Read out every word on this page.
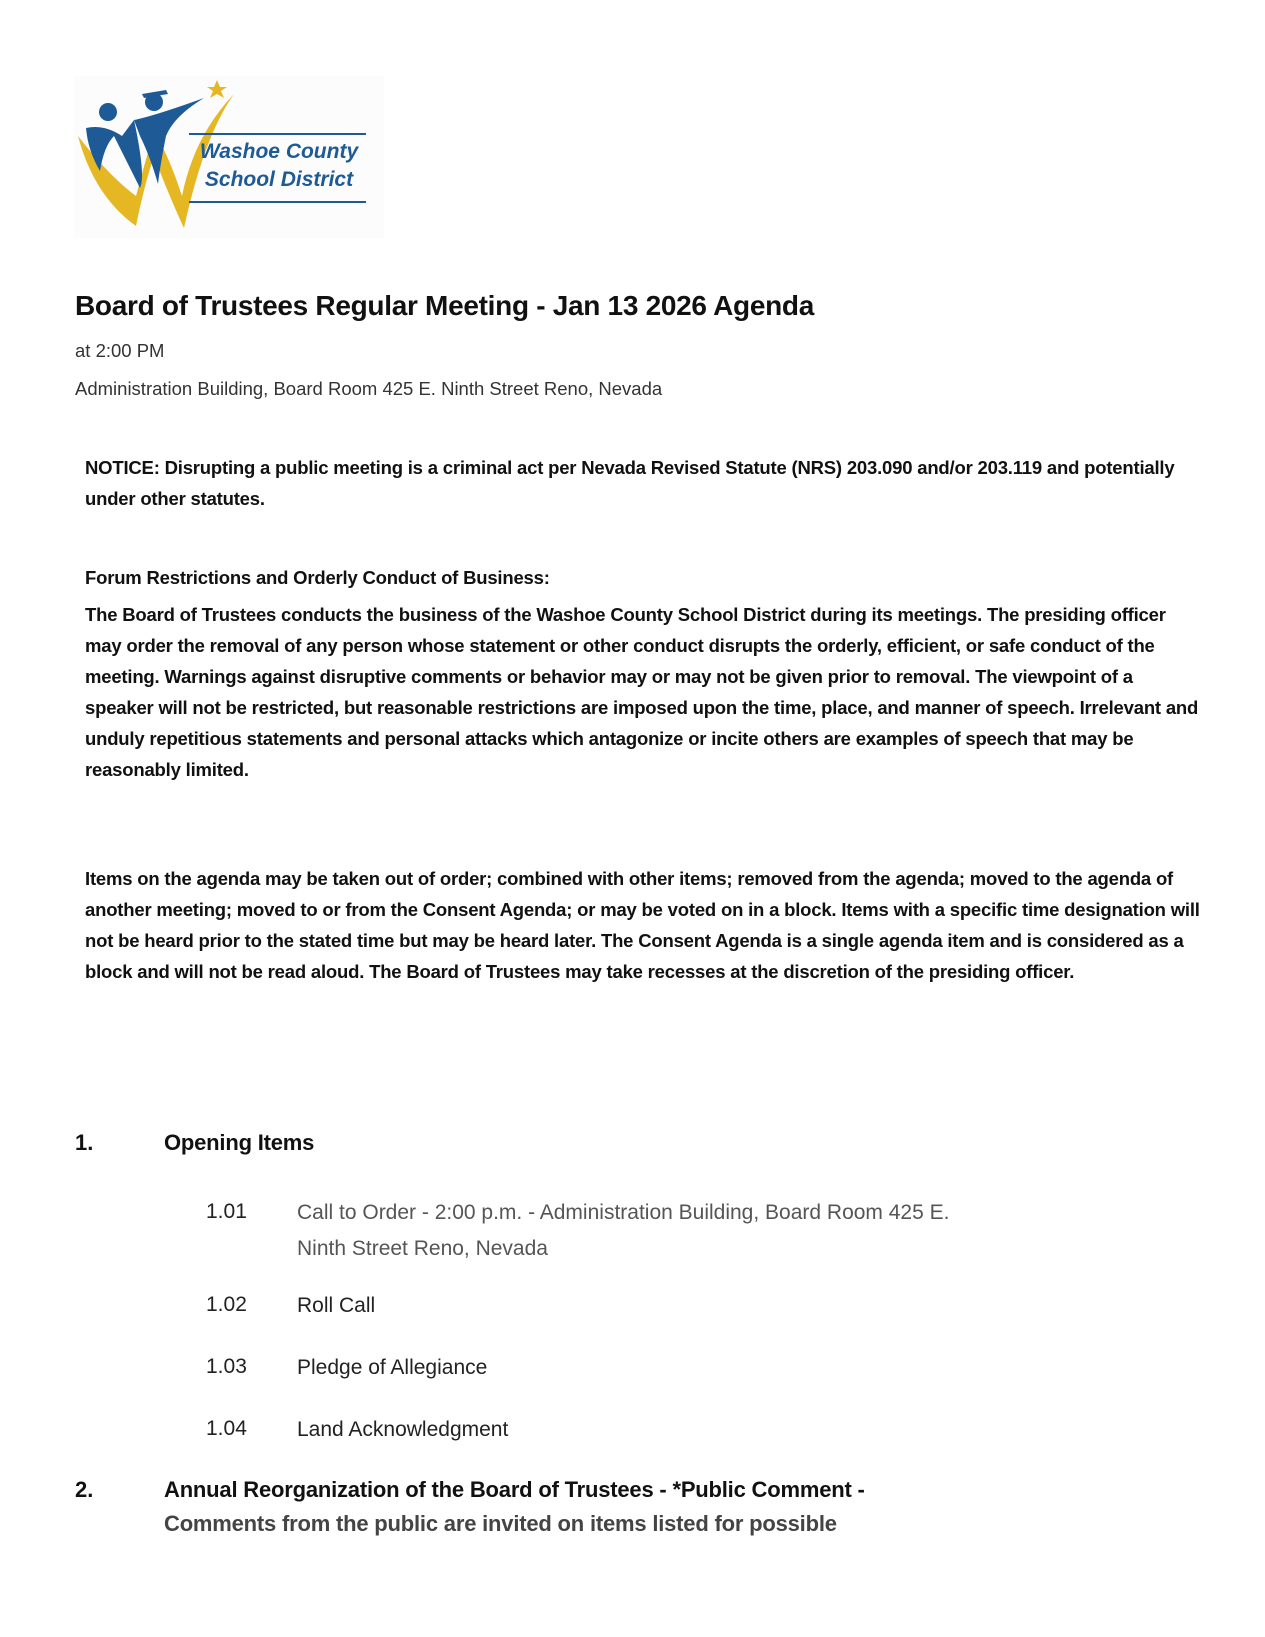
Washoe County
School District
Board of Trustees Regular Meeting - Jan 13 2026 Agenda
at 2:00 PM
Administration Building, Board Room 425 E. Ninth Street Reno, Nevada
NOTICE: Disrupting a public meeting is a criminal act per Nevada Revised Statute (NRS) 203.090 and/or 203.119 and potentially under other statutes.
Forum Restrictions and Orderly Conduct of Business:
The Board of Trustees conducts the business of the Washoe County School District during its meetings. The presiding officer may order the removal of any person whose statement or other conduct disrupts the orderly, efficient, or safe conduct of the meeting. Warnings against disruptive comments or behavior may or may not be given prior to removal. The viewpoint of a speaker will not be restricted, but reasonable restrictions are imposed upon the time, place, and manner of speech. Irrelevant and unduly repetitious statements and personal attacks which antagonize or incite others are examples of speech that may be reasonably limited.
Items on the agenda may be taken out of order; combined with other items; removed from the agenda; moved to the agenda of another meeting; moved to or from the Consent Agenda; or may be voted on in a block. Items with a specific time designation will not be heard prior to the stated time but may be heard later. The Consent Agenda is a single agenda item and is considered as a block and will not be read aloud. The Board of Trustees may take recesses at the discretion of the presiding officer.
1.	Opening Items
1.01 Call to Order - 2:00 p.m. - Administration Building, Board Room 425 E. Ninth Street Reno, Nevada
1.02 Roll Call
1.03 Pledge of Allegiance
1.04 Land Acknowledgment
2.	Annual Reorganization of the Board of Trustees - *Public Comment -
Comments from the public are invited on items listed for possible
